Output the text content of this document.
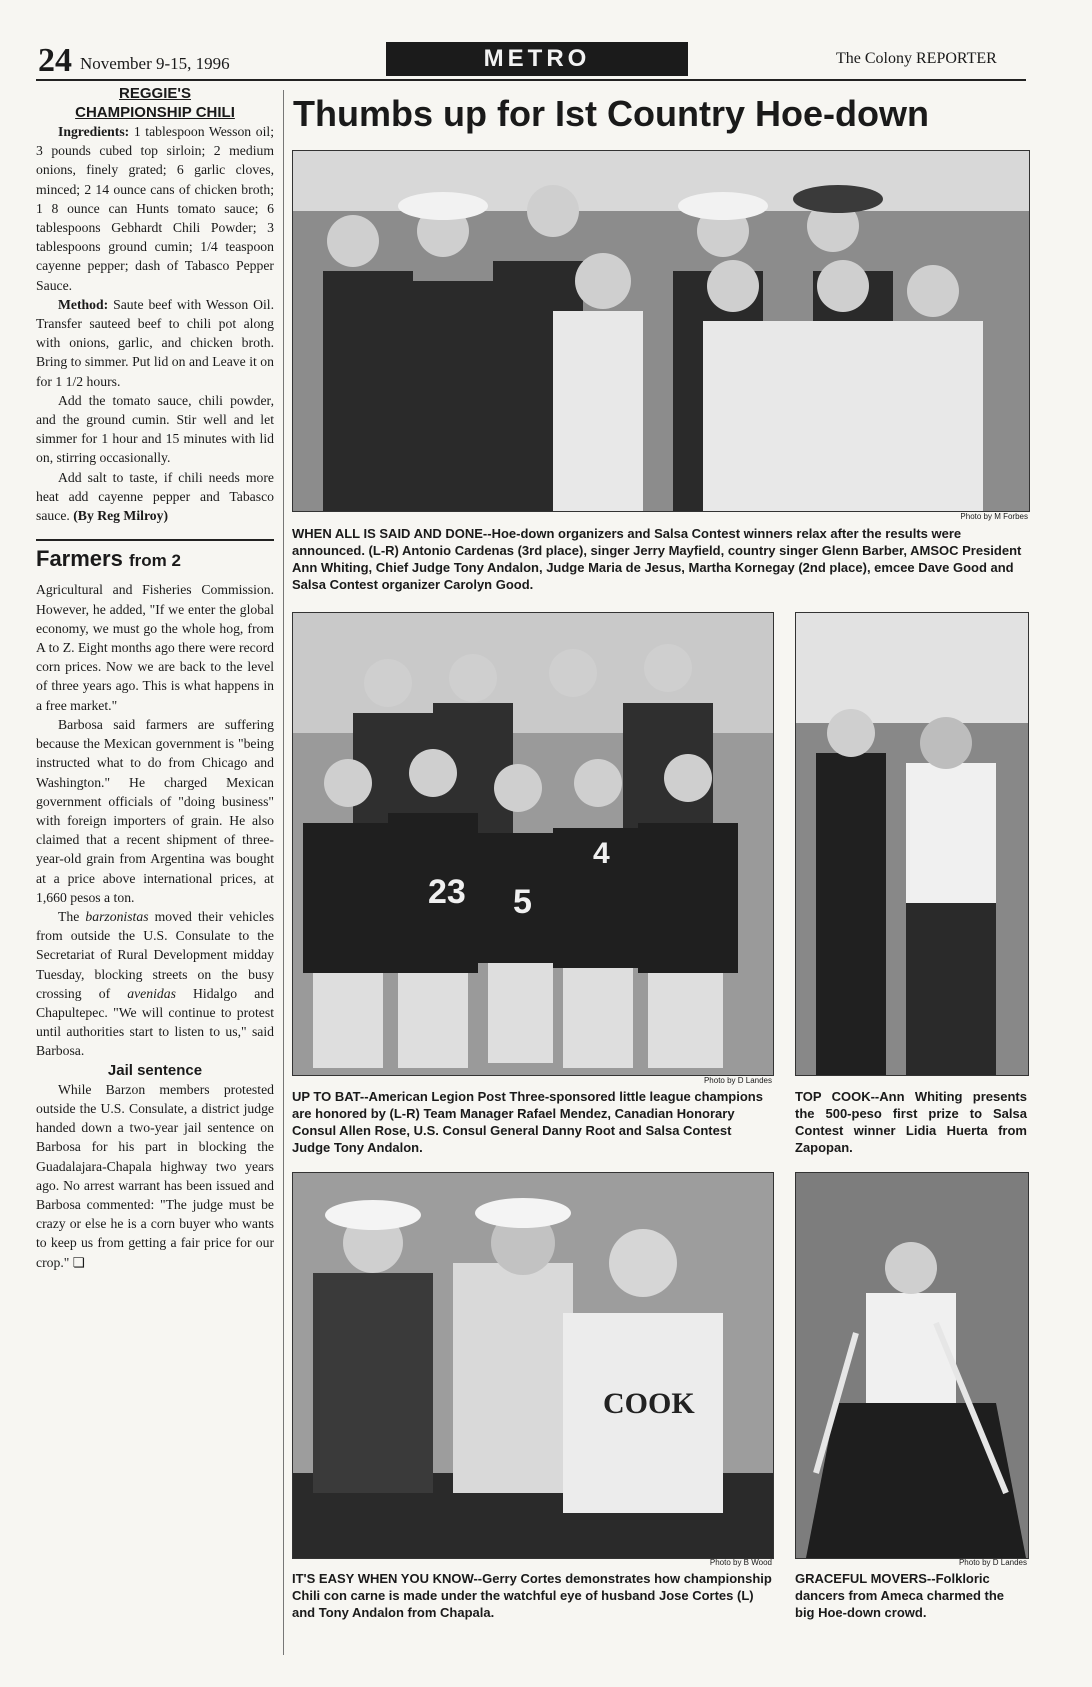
24 November 9-15, 1996	METRO	The Colony REPORTER
REGGIE'S
CHAMPIONSHIP CHILI

Ingredients: 1 tablespoon Wesson oil; 3 pounds cubed top sirloin; 2 medium onions, finely grated; 6 garlic cloves, minced; 2 14 ounce cans of chicken broth; 1 8 ounce can Hunts tomato sauce; 6 tablespoons Gebhardt Chili Powder; 3 tablespoons ground cumin; 1/4 teaspoon cayenne pepper; dash of Tabasco Pepper Sauce.

Method: Saute beef with Wesson Oil. Transfer sauteed beef to chili pot along with onions, garlic, and chicken broth. Bring to simmer. Put lid on and Leave it on for 1 1/2 hours.

Add the tomato sauce, chili powder, and the ground cumin. Stir well and let simmer for 1 hour and 15 minutes with lid on, stirring occasionally.

Add salt to taste, if chili needs more heat add cayenne pepper and Tabasco sauce. (By Reg Milroy)

Farmers from 2

Agricultural and Fisheries Commission. However, he added, "If we enter the global economy, we must go the whole hog, from A to Z. Eight months ago there were record corn prices. Now we are back to the level of three years ago. This is what happens in a free market."

Barbosa said farmers are suffering because the Mexican government is "being instructed what to do from Chicago and Washington." He charged Mexican government officials of "doing business" with foreign importers of grain. He also claimed that a recent shipment of three-year-old grain from Argentina was bought at a price above international prices, at 1,660 pesos a ton.

The barzonistas moved their vehicles from outside the U.S. Consulate to the Secretariat of Rural Development midday Tuesday, blocking streets on the busy crossing of avenidas Hidalgo and Chapultepec. "We will continue to protest until authorities start to listen to us," said Barbosa.

Jail sentence

While Barzon members protested outside the U.S. Consulate, a district judge handed down a two-year jail sentence on Barbosa for his part in blocking the Guadalajara-Chapala highway two years ago. No arrest warrant has been issued and Barbosa commented: "The judge must be crazy or else he is a corn buyer who wants to keep us from getting a fair price for our crop." ❏

Thumbs up for Ist Country Hoe-down
Photo by M Forbes
WHEN ALL IS SAID AND DONE--Hoe-down organizers and Salsa Contest winners relax after the results were announced. (L-R) Antonio Cardenas (3rd place), singer Jerry Mayfield, country singer Glenn Barber, AMSOC President Ann Whiting, Chief Judge Tony Andalon, Judge Maria de Jesus, Martha Kornegay (2nd place), emcee Dave Good and Salsa Contest organizer Carolyn Good.
23 5
4
Photo by D Landes
UP TO BAT--American Legion Post Three-sponsored little league champions are honored by (L-R) Team Manager Rafael Mendez, Canadian Honorary Consul Allen Rose, U.S. Consul General Danny Root and Salsa Contest Judge Tony Andalon.
TOP COOK--Ann Whiting presents the 500-peso first prize to Salsa Contest winner Lidia Huerta from Zapopan.
COOK
Photo by B Wood
IT'S EASY WHEN YOU KNOW--Gerry Cortes demonstrates how championship Chili con carne is made under the watchful eye of husband Jose Cortes (L) and Tony Andalon from Chapala.
Photo by D Landes
GRACEFUL MOVERS--Folkloric dancers from Ameca charmed the big Hoe-down crowd.
